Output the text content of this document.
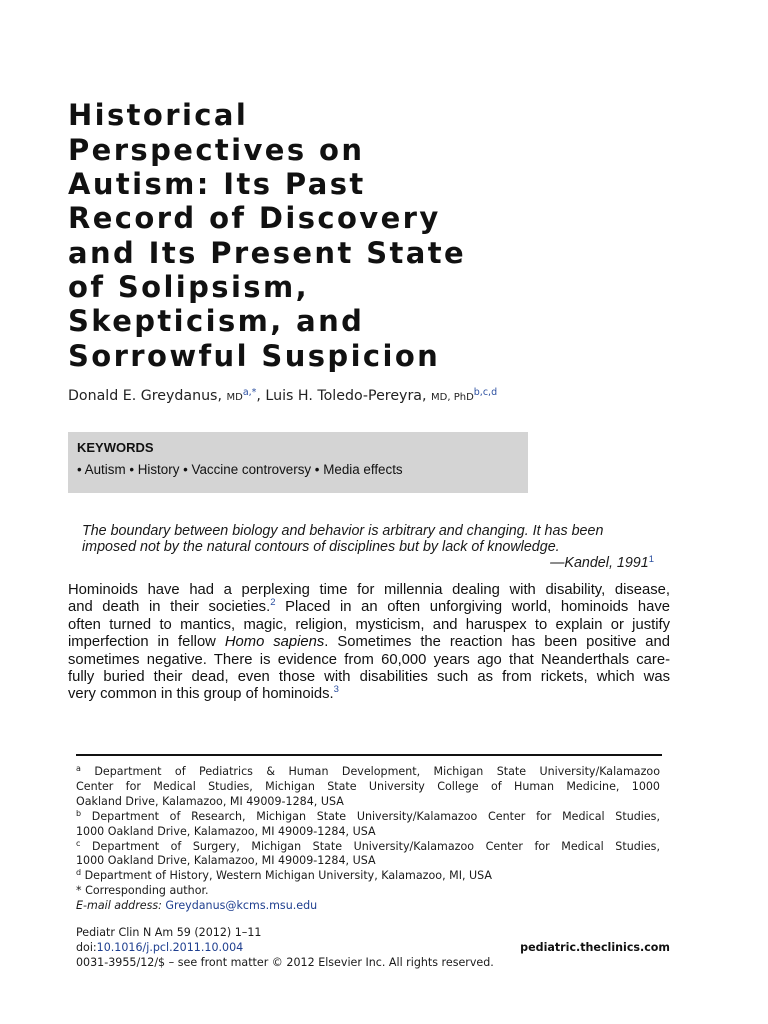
Historical
Perspectives on
Autism: Its Past
Record of Discovery
and Its Present State
of Solipsism,
Skepticism, and
Sorrowful Suspicion
Donald E. Greydanus, $MD^{a,*}$, Luis H. Toledo-Pereyra, MD, PhD$^{b,c,d}$
KEYWORDS
• Autism • History • Vaccine controversy • Media effects
The boundary between biology and behavior is arbitrary and changing. It has been
imposed not by the natural contours of disciplines but by lack of knowledge.
—Kandel, 1991$^1$
Hominoids have had a perplexing time for millennia dealing with disability, disease,
and death in their societies.$^2$ Placed in an often unforgiving world, hominoids have
often turned to mantics, magic, religion, mysticism, and haruspex to explain or justify
imperfection in fellow Homo sapiens. Sometimes the reaction has been positive and
sometimes negative. There is evidence from 60,000 years ago that Neanderthals care-
fully buried their dead, even those with disabilities such as from rickets, which was
very common in this group of hominoids.$^3$
$^a$ Department of Pediatrics & Human Development, Michigan State University/Kalamazoo
Center for Medical Studies, Michigan State University College of Human Medicine, 1000
Oakland Drive, Kalamazoo, MI 49009-1284, USA
$^b$ Department of Research, Michigan State University/Kalamazoo Center for Medical Studies,
1000 Oakland Drive, Kalamazoo, MI 49009-1284, USA
$^c$ Department of Surgery, Michigan State University/Kalamazoo Center for Medical Studies,
1000 Oakland Drive, Kalamazoo, MI 49009-1284, USA
$^d$ Department of History, Western Michigan University, Kalamazoo, MI, USA
* Corresponding author.
E-mail address: Greydanus@kcms.msu.edu
Pediatr Clin N Am 59 (2012) 1–11
doi:10.1016/j.pcl.2011.10.004	pediatric.theclinics.com
0031-3955/12/$ – see front matter © 2012 Elsevier Inc. All rights reserved.
